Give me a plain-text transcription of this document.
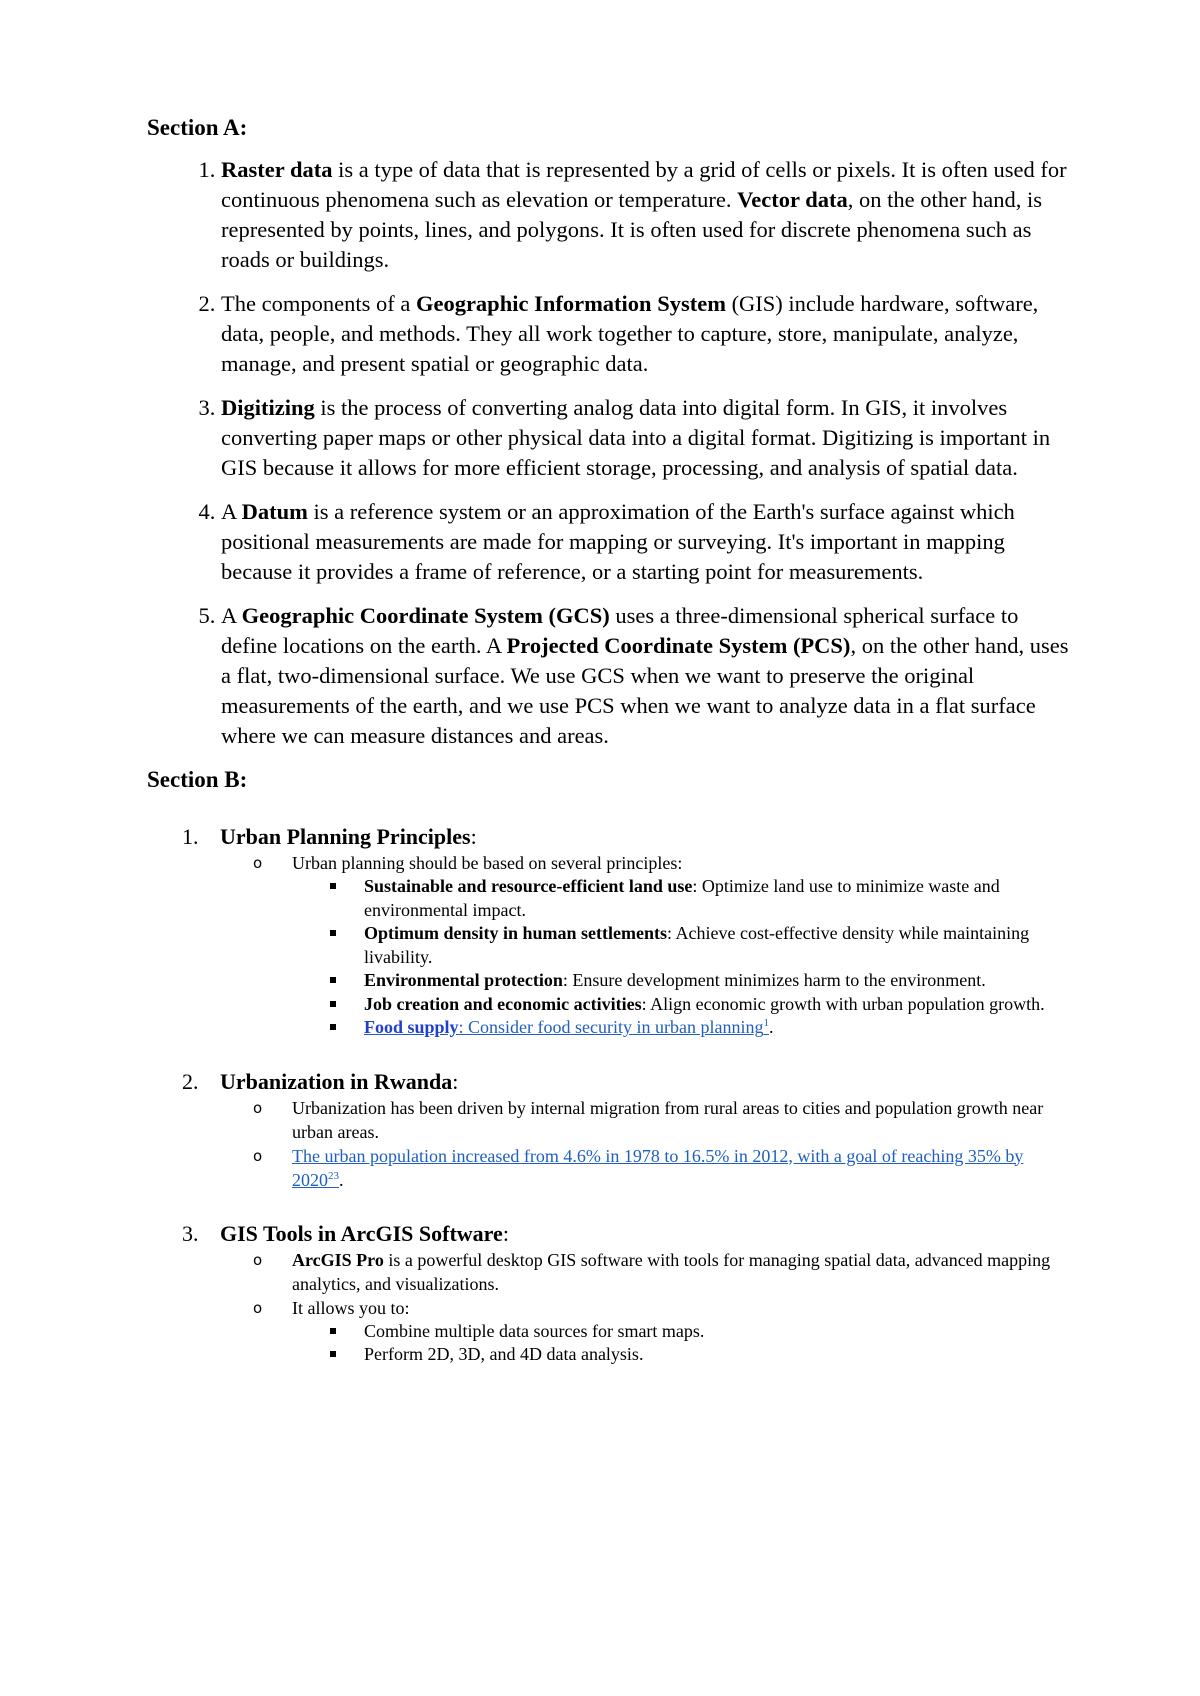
Section A:
1. Raster data is a type of data that is represented by a grid of cells or pixels. It is often used for continuous phenomena such as elevation or temperature. Vector data, on the other hand, is represented by points, lines, and polygons. It is often used for discrete phenomena such as roads or buildings.
2. The components of a Geographic Information System (GIS) include hardware, software, data, people, and methods. They all work together to capture, store, manipulate, analyze, manage, and present spatial or geographic data.
3. Digitizing is the process of converting analog data into digital form. In GIS, it involves converting paper maps or other physical data into a digital format. Digitizing is important in GIS because it allows for more efficient storage, processing, and analysis of spatial data.
4. A Datum is a reference system or an approximation of the Earth's surface against which positional measurements are made for mapping or surveying. It's important in mapping because it provides a frame of reference, or a starting point for measurements.
5. A Geographic Coordinate System (GCS) uses a three-dimensional spherical surface to define locations on the earth. A Projected Coordinate System (PCS), on the other hand, uses a flat, two-dimensional surface. We use GCS when we want to preserve the original measurements of the earth, and we use PCS when we want to analyze data in a flat surface where we can measure distances and areas.
Section B:
1. Urban Planning Principles:
o Urban planning should be based on several principles:
Sustainable and resource-efficient land use: Optimize land use to minimize waste and environmental impact.
Optimum density in human settlements: Achieve cost-effective density while maintaining livability.
Environmental protection: Ensure development minimizes harm to the environment.
Job creation and economic activities: Align economic growth with urban population growth.
Food supply: Consider food security in urban planning$^1$.
2. Urbanization in Rwanda:
o Urbanization has been driven by internal migration from rural areas to cities and population growth near urban areas.
o The urban population increased from 4.6% in 1978 to 16.5% in 2012, with a goal of reaching 35% by 2020$^{23}$.
3. GIS Tools in ArcGIS Software:
o ArcGIS Pro is a powerful desktop GIS software with tools for managing spatial data, advanced mapping analytics, and visualizations.
o It allows you to:
Combine multiple data sources for smart maps.
Perform 2D, 3D, and 4D data analysis.
